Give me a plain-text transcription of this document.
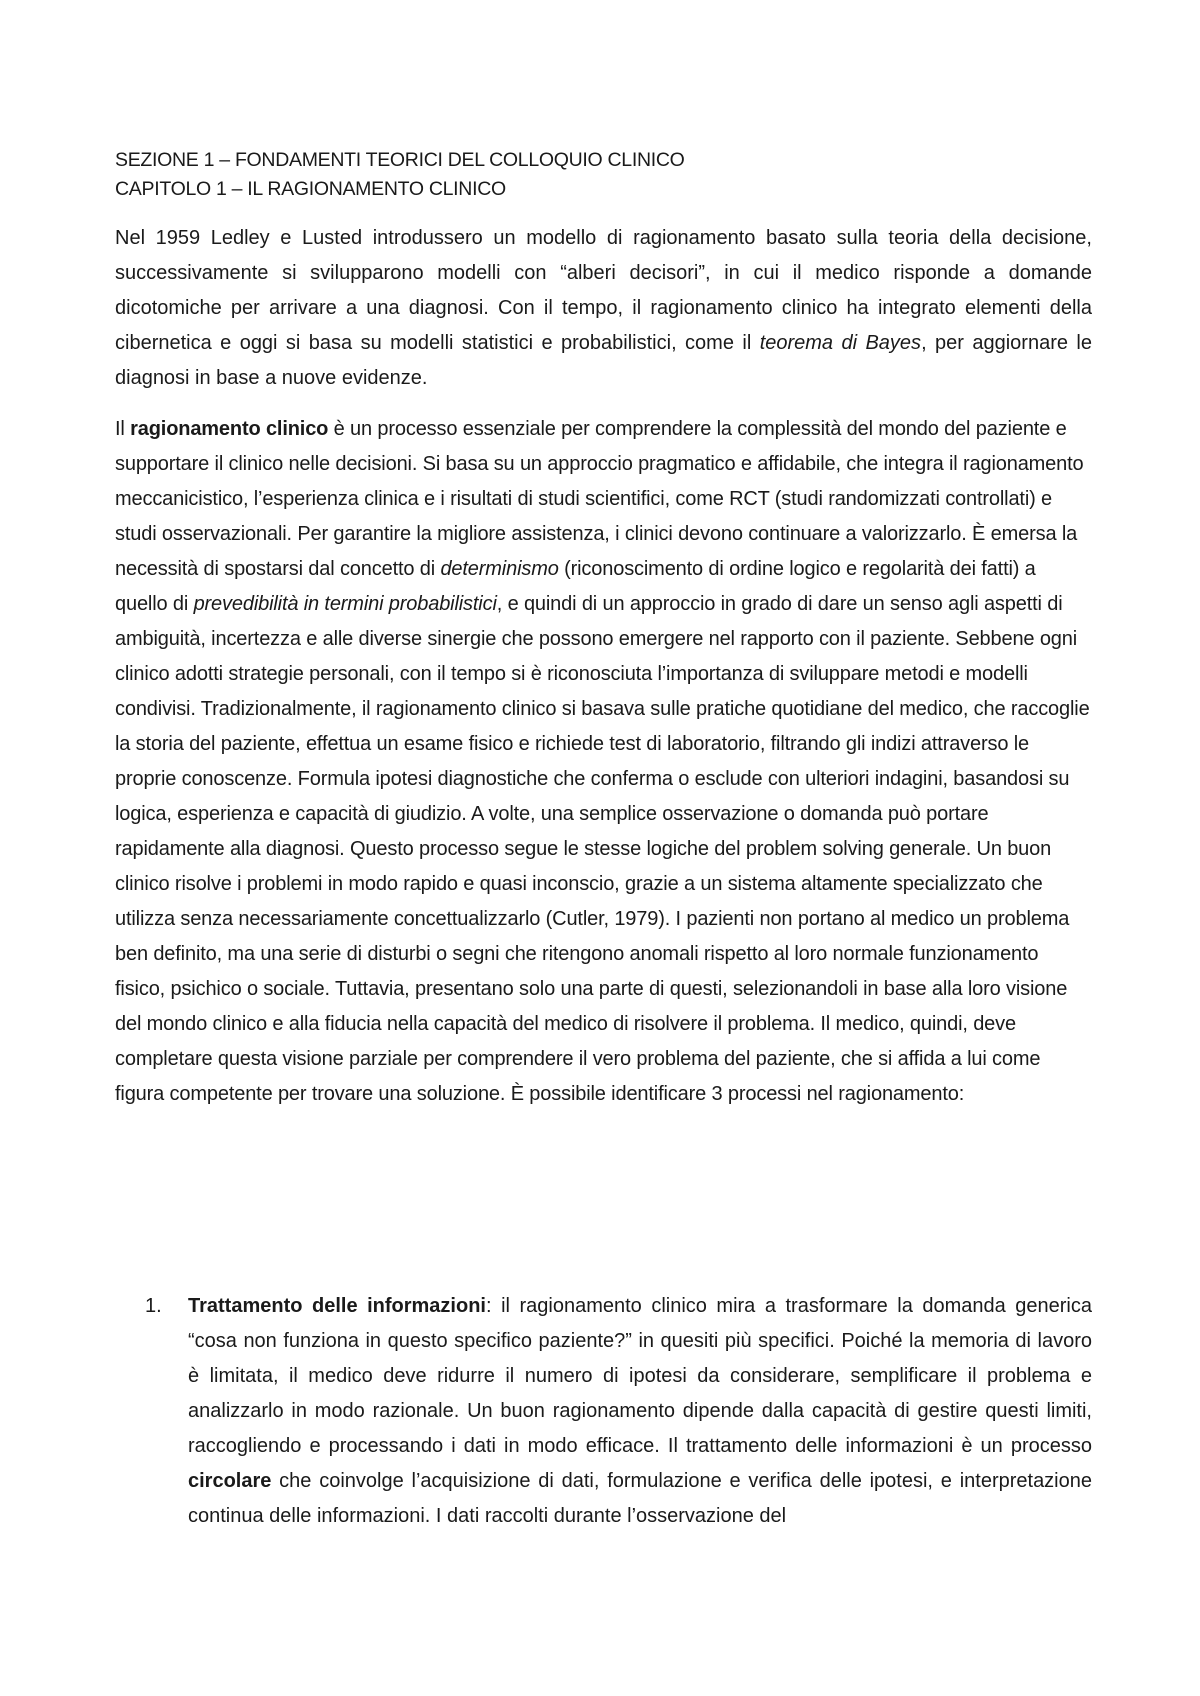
SEZIONE 1 – FONDAMENTI TEORICI DEL COLLOQUIO CLINICO
CAPITOLO 1 – IL RAGIONAMENTO CLINICO

Nel 1959 Ledley e Lusted introdussero un modello di ragionamento basato sulla teoria della decisione, successivamente si svilupparono modelli con “alberi decisori”, in cui il medico risponde a domande dicotomiche per arrivare a una diagnosi. Con il tempo, il ragionamento clinico ha integrato elementi della cibernetica e oggi si basa su modelli statistici e probabilistici, come il teorema di Bayes, per aggiornare le diagnosi in base a nuove evidenze.

Il ragionamento clinico è un processo essenziale per comprendere la complessità del mondo del paziente e supportare il clinico nelle decisioni. Si basa su un approccio pragmatico e affidabile, che integra il ragionamento meccanicistico, l’esperienza clinica e i risultati di studi scientifici, come RCT (studi randomizzati controllati) e studi osservazionali. Per garantire la migliore assistenza, i clinici devono continuare a valorizzarlo. È emersa la necessità di spostarsi dal concetto di determinismo (riconoscimento di ordine logico e regolarità dei fatti) a quello di prevedibilità in termini probabilistici, e quindi di un approccio in grado di dare un senso agli aspetti di ambiguità, incertezza e alle diverse sinergie che possono emergere nel rapporto con il paziente. Sebbene ogni clinico adotti strategie personali, con il tempo si è riconosciuta l’importanza di sviluppare metodi e modelli condivisi. Tradizionalmente, il ragionamento clinico si basava sulle pratiche quotidiane del medico, che raccoglie la storia del paziente, effettua un esame fisico e richiede test di laboratorio, filtrando gli indizi attraverso le proprie conoscenze. Formula ipotesi diagnostiche che conferma o esclude con ulteriori indagini, basandosi su logica, esperienza e capacità di giudizio. A volte, una semplice osservazione o domanda può portare rapidamente alla diagnosi. Questo processo segue le stesse logiche del problem solving generale. Un buon clinico risolve i problemi in modo rapido e quasi inconscio, grazie a un sistema altamente specializzato che utilizza senza necessariamente concettualizzarlo (Cutler, 1979). I pazienti non portano al medico un problema ben definito, ma una serie di disturbi o segni che ritengono anomali rispetto al loro normale funzionamento fisico, psichico o sociale. Tuttavia, presentano solo una parte di questi, selezionandoli in base alla loro visione del mondo clinico e alla fiducia nella capacità del medico di risolvere il problema. Il medico, quindi, deve completare questa visione parziale per comprendere il vero problema del paziente, che si affida a lui come figura competente per trovare una soluzione. È possibile identificare 3 processi nel ragionamento:

1. Trattamento delle informazioni: il ragionamento clinico mira a trasformare la domanda generica “cosa non funziona in questo specifico paziente?” in quesiti più specifici. Poiché la memoria di lavoro è limitata, il medico deve ridurre il numero di ipotesi da considerare, semplificare il problema e analizzarlo in modo razionale. Un buon ragionamento dipende dalla capacità di gestire questi limiti, raccogliendo e processando i dati in modo efficace. Il trattamento delle informazioni è un processo circolare che coinvolge l’acquisizione di dati, formulazione e verifica delle ipotesi, e interpretazione continua delle informazioni. I dati raccolti durante l’osservazione del
